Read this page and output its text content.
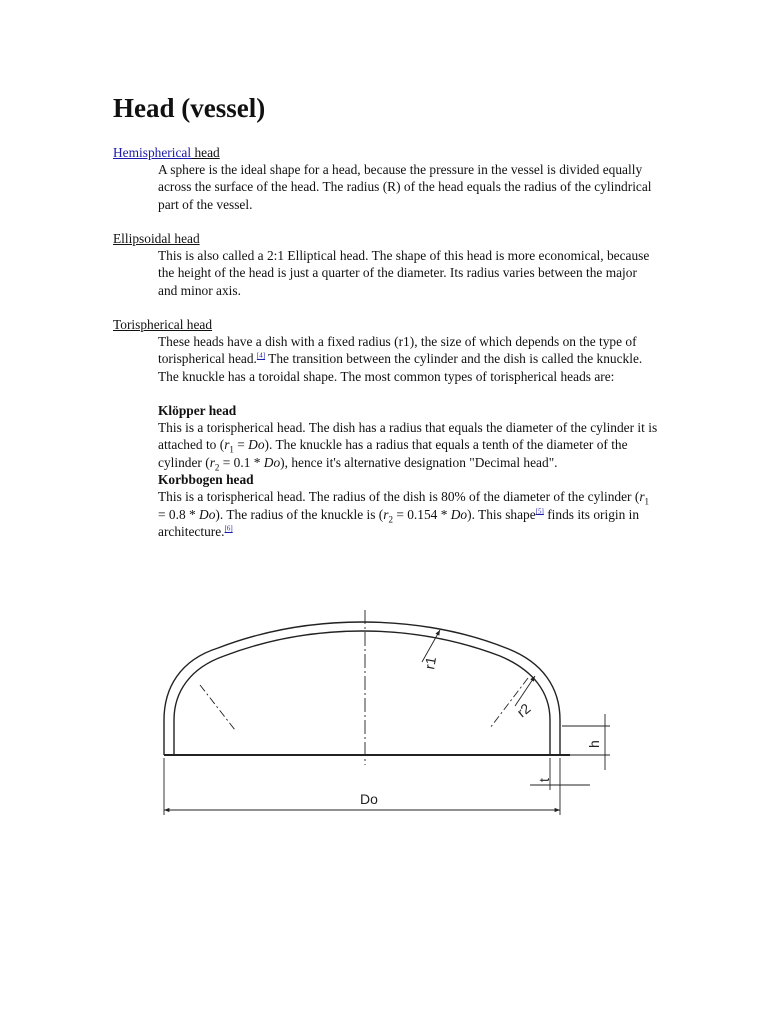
Head (vessel)
Hemispherical head

A sphere is the ideal shape for a head, because the pressure in the vessel is divided equally across the surface of the head. The radius (R) of the head equals the radius of the cylindrical part of the vessel.

Ellipsoidal head

This is also called a 2:1 Elliptical head. The shape of this head is more economical, because the height of the head is just a quarter of the diameter. Its radius varies between the major and minor axis.

Torispherical head

These heads have a dish with a fixed radius (r1), the size of which depends on the type of torispherical head.[4] The transition between the cylinder and the dish is called the knuckle. The knuckle has a toroidal shape. The most common types of torispherical heads are:

Klöpper head

This is a torispherical head. The dish has a radius that equals the diameter of the cylinder it is attached to $(r_1 = Do)$. The knuckle has a radius that equals a tenth of the diameter of the cylinder $(r_2 = 0.1 * Do)$, hence it's alternative designation "Decimal head".

Korbbogen head

This is a torispherical head. The radius of the dish is 80% of the diameter of the cylinder $(r_1 = 0.8 * Do)$. The radius of the knuckle is $(r_2 = 0.154 * Do)$. This shape[5] finds its origin in architecture.[6]

r1
r2
h
t
Do
